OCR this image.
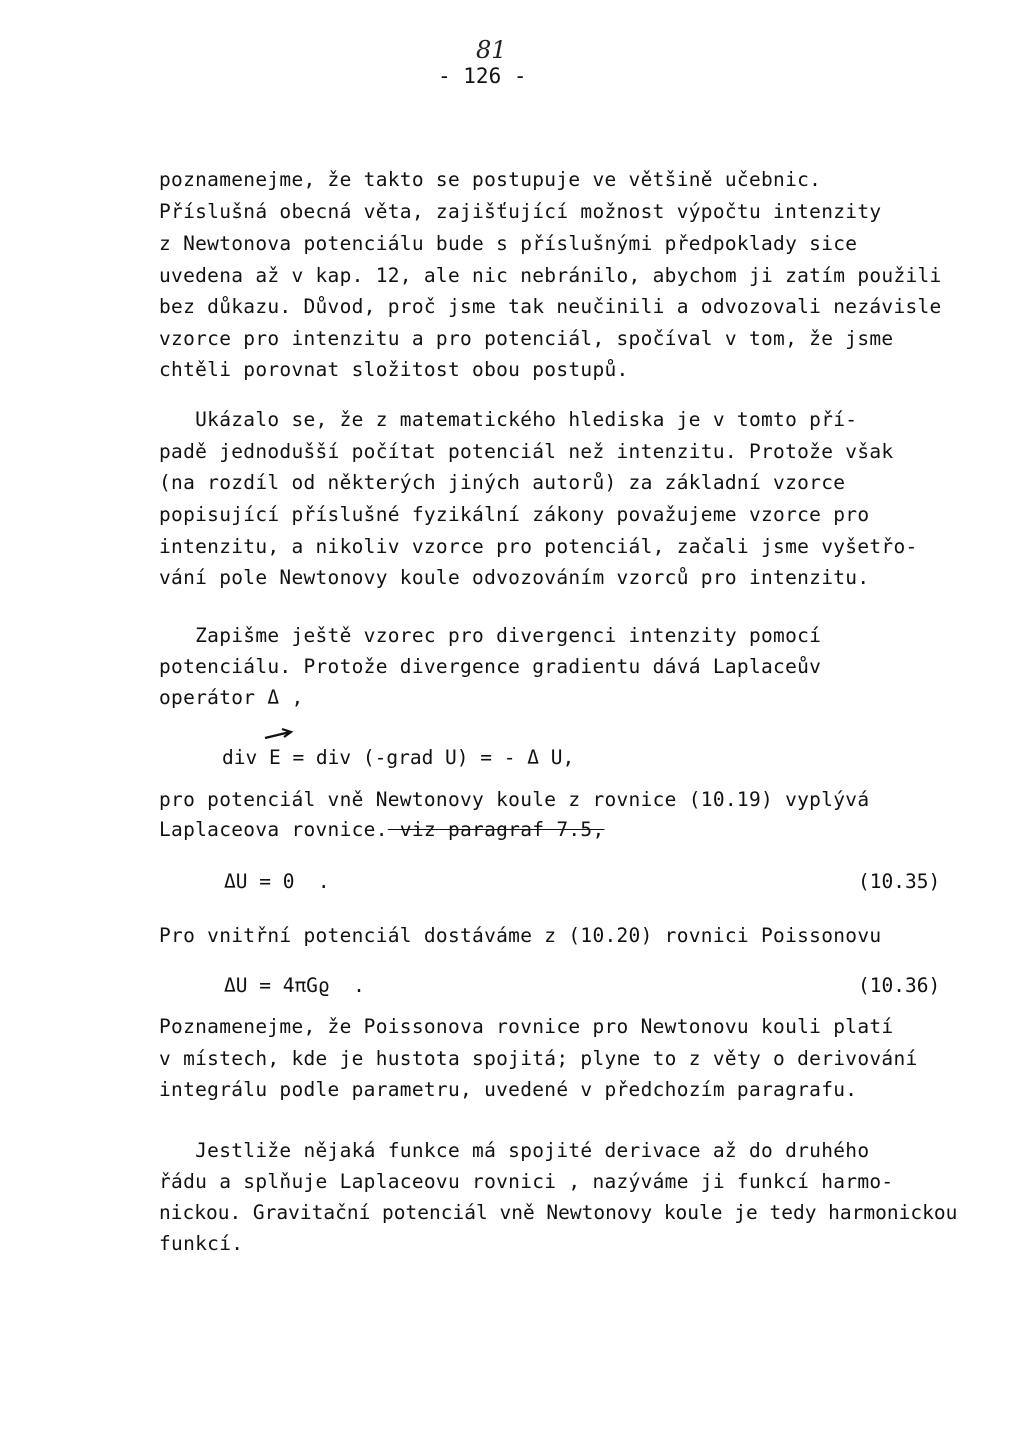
81
- 126 -
poznamenejme, že takto se postupuje ve většině učebnic.
Příslušná obecná věta, zajišťující možnost výpočtu intenzity
z Newtonova potenciálu bude s příslušnými předpoklady sice
uvedena až v kap. 12, ale nic nebránilo, abychom ji zatím použili
bez důkazu. Důvod, proč jsme tak neučinili a odvozovali nezávisle
vzorce pro intenzitu a pro potenciál, spočíval v tom, že jsme
chtěli porovnat složitost obou postupů.
Ukázalo se, že z matematického hlediska je v tomto pří-
padě jednodušší počítat potenciál než intenzitu. Protože však
(na rozdíl od některých jiných autorů) za základní vzorce
popisující příslušné fyzikální zákony považujeme vzorce pro
intenzitu, a nikoliv vzorce pro potenciál, začali jsme vyšetřo-
vání pole Newtonovy koule odvozováním vzorců pro intenzitu.
Zapišme ještě vzorec pro divergenci intenzity pomocí
potenciálu. Protože divergence gradientu dává Laplaceův
operátor Δ ,
div E = div (-grad U) = - Δ U,
pro potenciál vně Newtonovy koule z rovnice (10.19) vyplývá
Laplaceova rovnice. viz paragraf 7.5,
ΔU = 0  .	(10.35)
Pro vnitřní potenciál dostáváme z (10.20) rovnici Poissonovu
ΔU = 4πGϱ  .	(10.36)
Poznamenejme, že Poissonova rovnice pro Newtonovu kouli platí
v místech, kde je hustota spojitá; plyne to z věty o derivování
integrálu podle parametru, uvedené v předchozím paragrafu.
Jestliže nějaká funkce má spojité derivace až do druhého
řádu a splňuje Laplaceovu rovnici , nazýváme ji funkcí harmo-
nickou. Gravitační potenciál vně Newtonovy koule je tedy harmonickou
funkcí.
